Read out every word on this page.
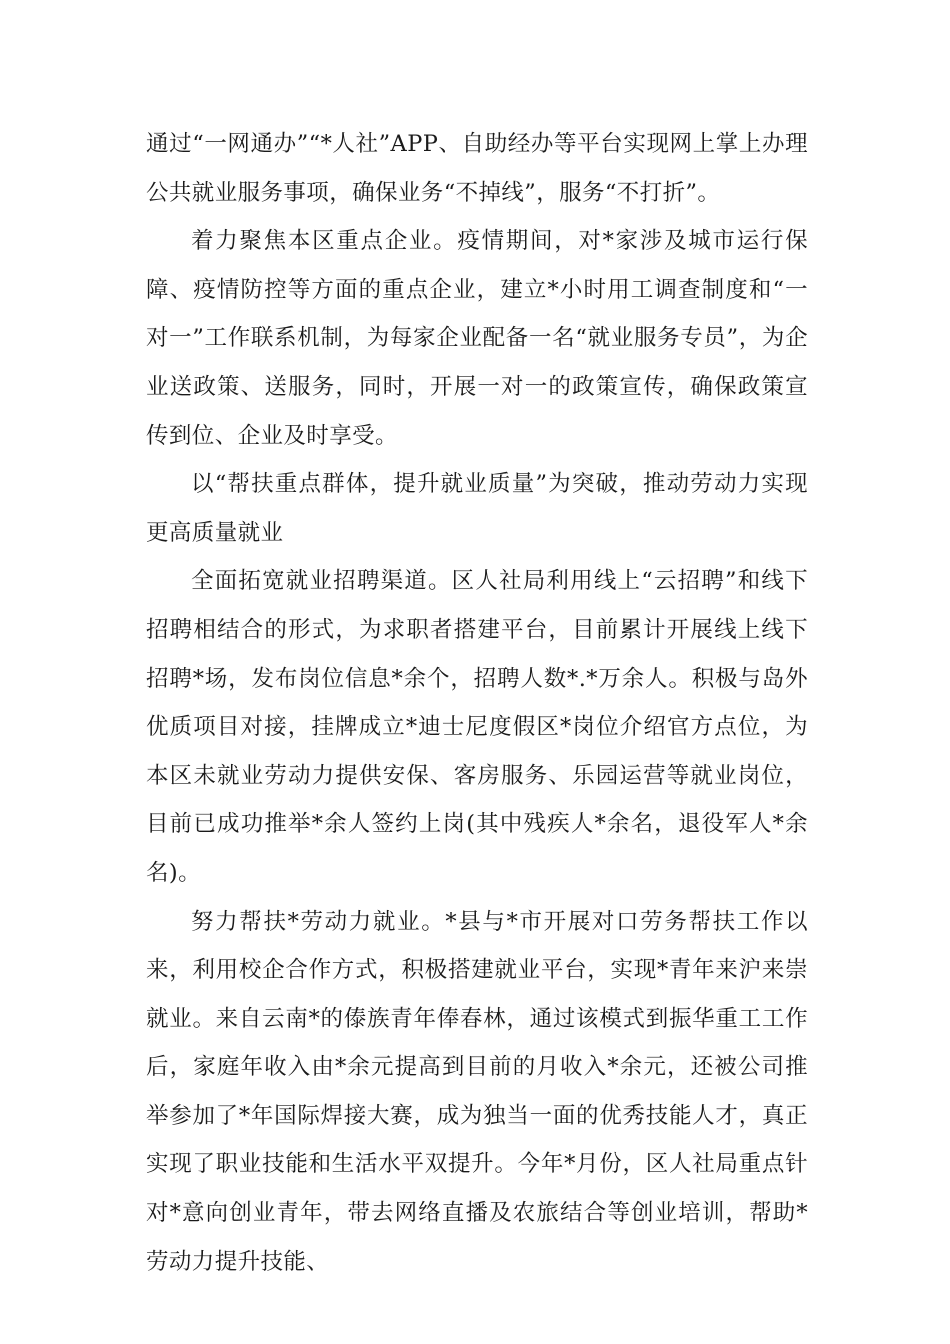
通过“一网通办”“*人社”APP、自助经办等平台实现网上掌上办理公共就业服务事项，确保业务“不掉线”，服务“不打折”。

着力聚焦本区重点企业。疫情期间，对*家涉及城市运行保障、疫情防控等方面的重点企业，建立*小时用工调查制度和“一对一”工作联系机制，为每家企业配备一名“就业服务专员”，为企业送政策、送服务，同时，开展一对一的政策宣传，确保政策宣传到位、企业及时享受。

以“帮扶重点群体，提升就业质量”为突破，推动劳动力实现更高质量就业

全面拓宽就业招聘渠道。区人社局利用线上“云招聘”和线下招聘相结合的形式，为求职者搭建平台，目前累计开展线上线下招聘*场，发布岗位信息*余个，招聘人数*.*万余人。积极与岛外优质项目对接，挂牌成立*迪士尼度假区*岗位介绍官方点位，为本区未就业劳动力提供安保、客房服务、乐园运营等就业岗位，目前已成功推举*余人签约上岗(其中残疾人*余名，退役军人*余名)。

努力帮扶*劳动力就业。*县与*市开展对口劳务帮扶工作以来，利用校企合作方式，积极搭建就业平台，实现*青年来沪来崇就业。来自云南*的傣族青年俸春林，通过该模式到振华重工工作后，家庭年收入由*余元提高到目前的月收入*余元，还被公司推举参加了*年国际焊接大赛，成为独当一面的优秀技能人才，真正实现了职业技能和生活水平双提升。今年*月份，区人社局重点针对*意向创业青年，带去网络直播及农旅结合等创业培训，帮助*劳动力提升技能、
